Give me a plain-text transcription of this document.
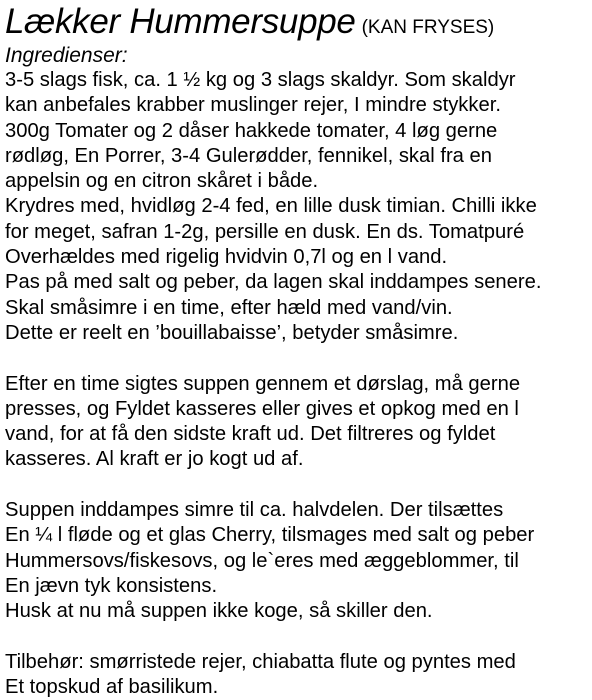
Lækker Hummersuppe (KAN FRYSES)
Ingredienser:
3-5 slags fisk, ca. 1 ½ kg og 3 slags skaldyr. Som skaldyr
kan anbefales krabber muslinger rejer, I mindre stykker.
300g Tomater og 2 dåser hakkede tomater, 4 løg gerne
rødløg, En Porrer, 3-4 Gulerødder, fennikel, skal fra en
appelsin og en citron skåret i både.
Krydres med, hvidløg 2-4 fed, en lille dusk timian. Chilli ikke
for meget, safran 1-2g, persille en dusk. En ds. Tomatpuré
Overhældes med rigelig hvidvin 0,7l og en l vand.
Pas på med salt og peber, da lagen skal inddampes senere.
Skal småsimre i en time, efter hæld med vand/vin.
Dette er reelt en ’bouillabaisse’, betyder småsimre.
Efter en time sigtes suppen gennem et dørslag, må gerne
presses, og Fyldet kasseres eller gives et opkog med en l
vand, for at få den sidste kraft ud. Det filtreres og fyldet
kasseres. Al kraft er jo kogt ud af.
Suppen inddampes simre til ca. halvdelen. Der tilsættes
En ¼ l fløde og et glas Cherry, tilsmages med salt og peber
Hummersovs/fiskesovs, og le`eres med æggeblommer, til
En jævn tyk konsistens.
Husk at nu må suppen ikke koge, så skiller den.
Tilbehør: smørristede rejer, chiabatta flute og pyntes med
Et topskud af basilikum.
